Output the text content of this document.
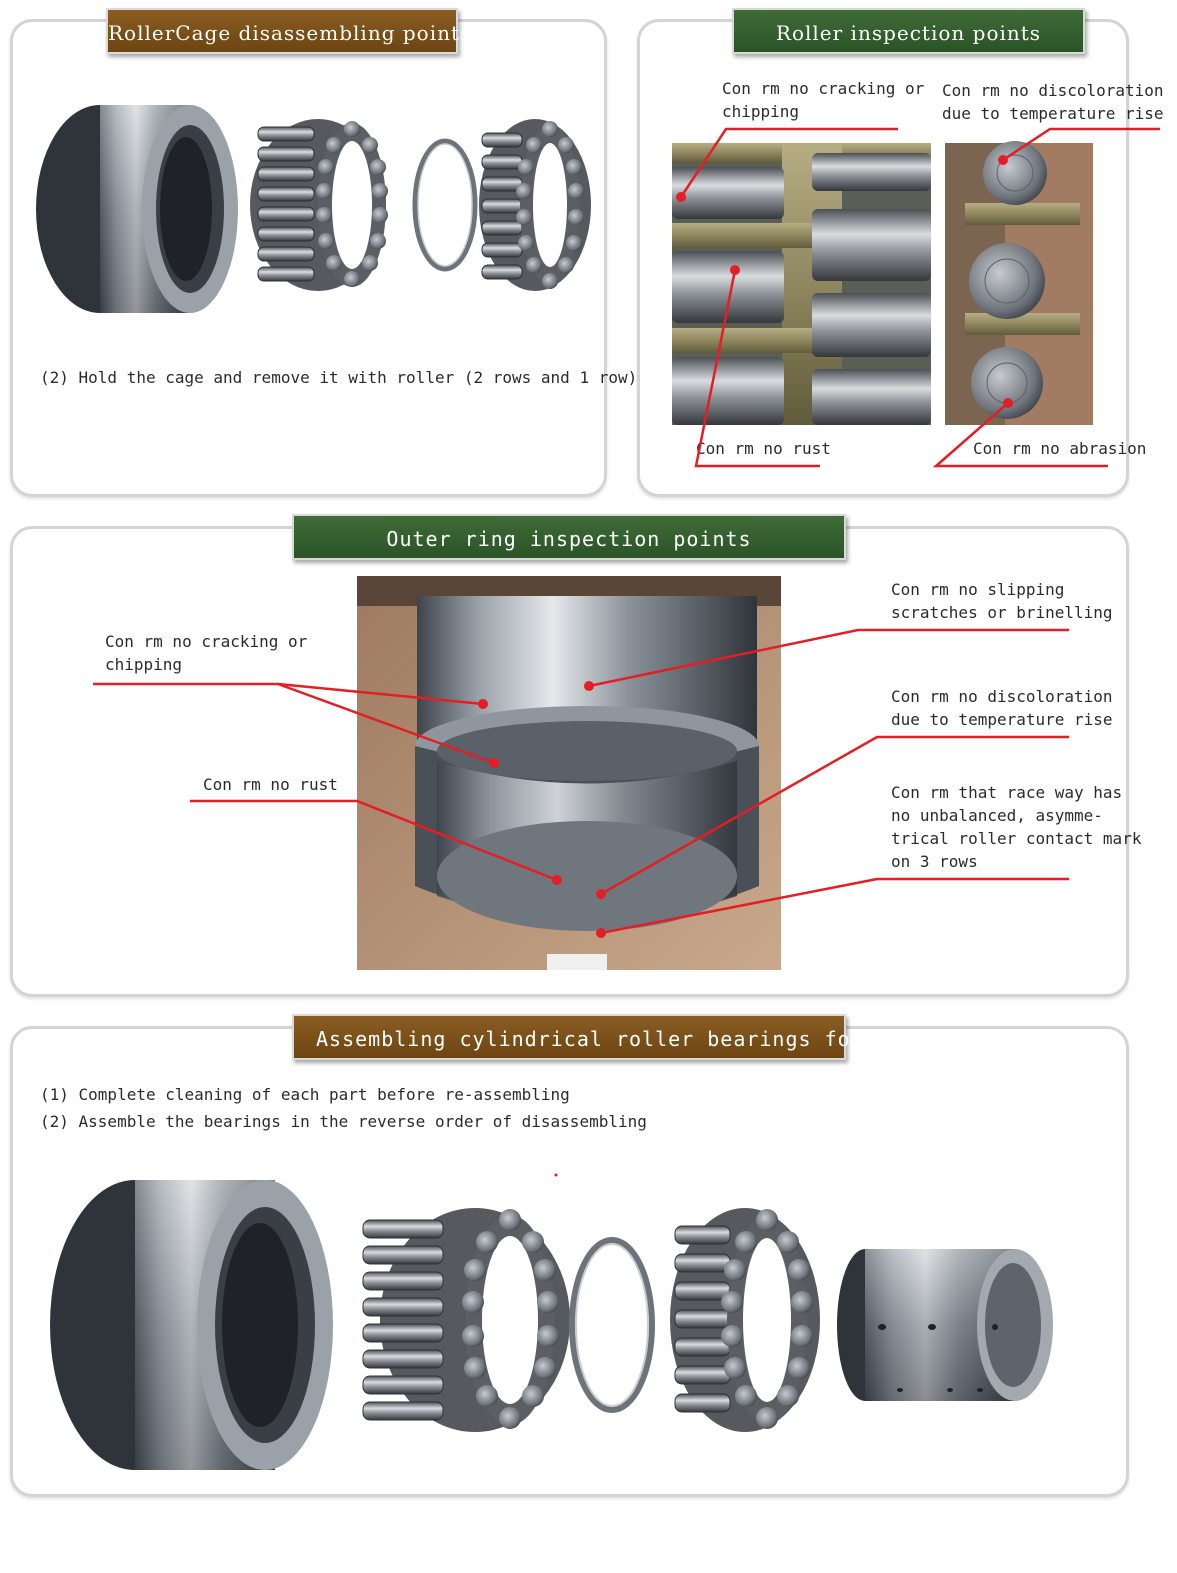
RollerCage disassembling points
(2) Hold the cage and remove it with roller (2 rows and 1 row)
Roller inspection points
Con rm no cracking or
chipping
Con rm no discoloration
due to temperature rise
Con rm no rust	Con rm no abrasion
Outer ring inspection points
Con rm no cracking or
chipping
Con rm no rust
Con rm no slipping
scratches or brinelling
Con rm no discoloration
due to temperature rise
Con rm that race way has
no unbalanced, asymme-
trical roller contact mark
on 3 rows
Assembling cylindrical roller bearings for backup rolls
(1) Complete cleaning of each part before re-assembling
(2) Assemble the bearings in the reverse order of disassembling
